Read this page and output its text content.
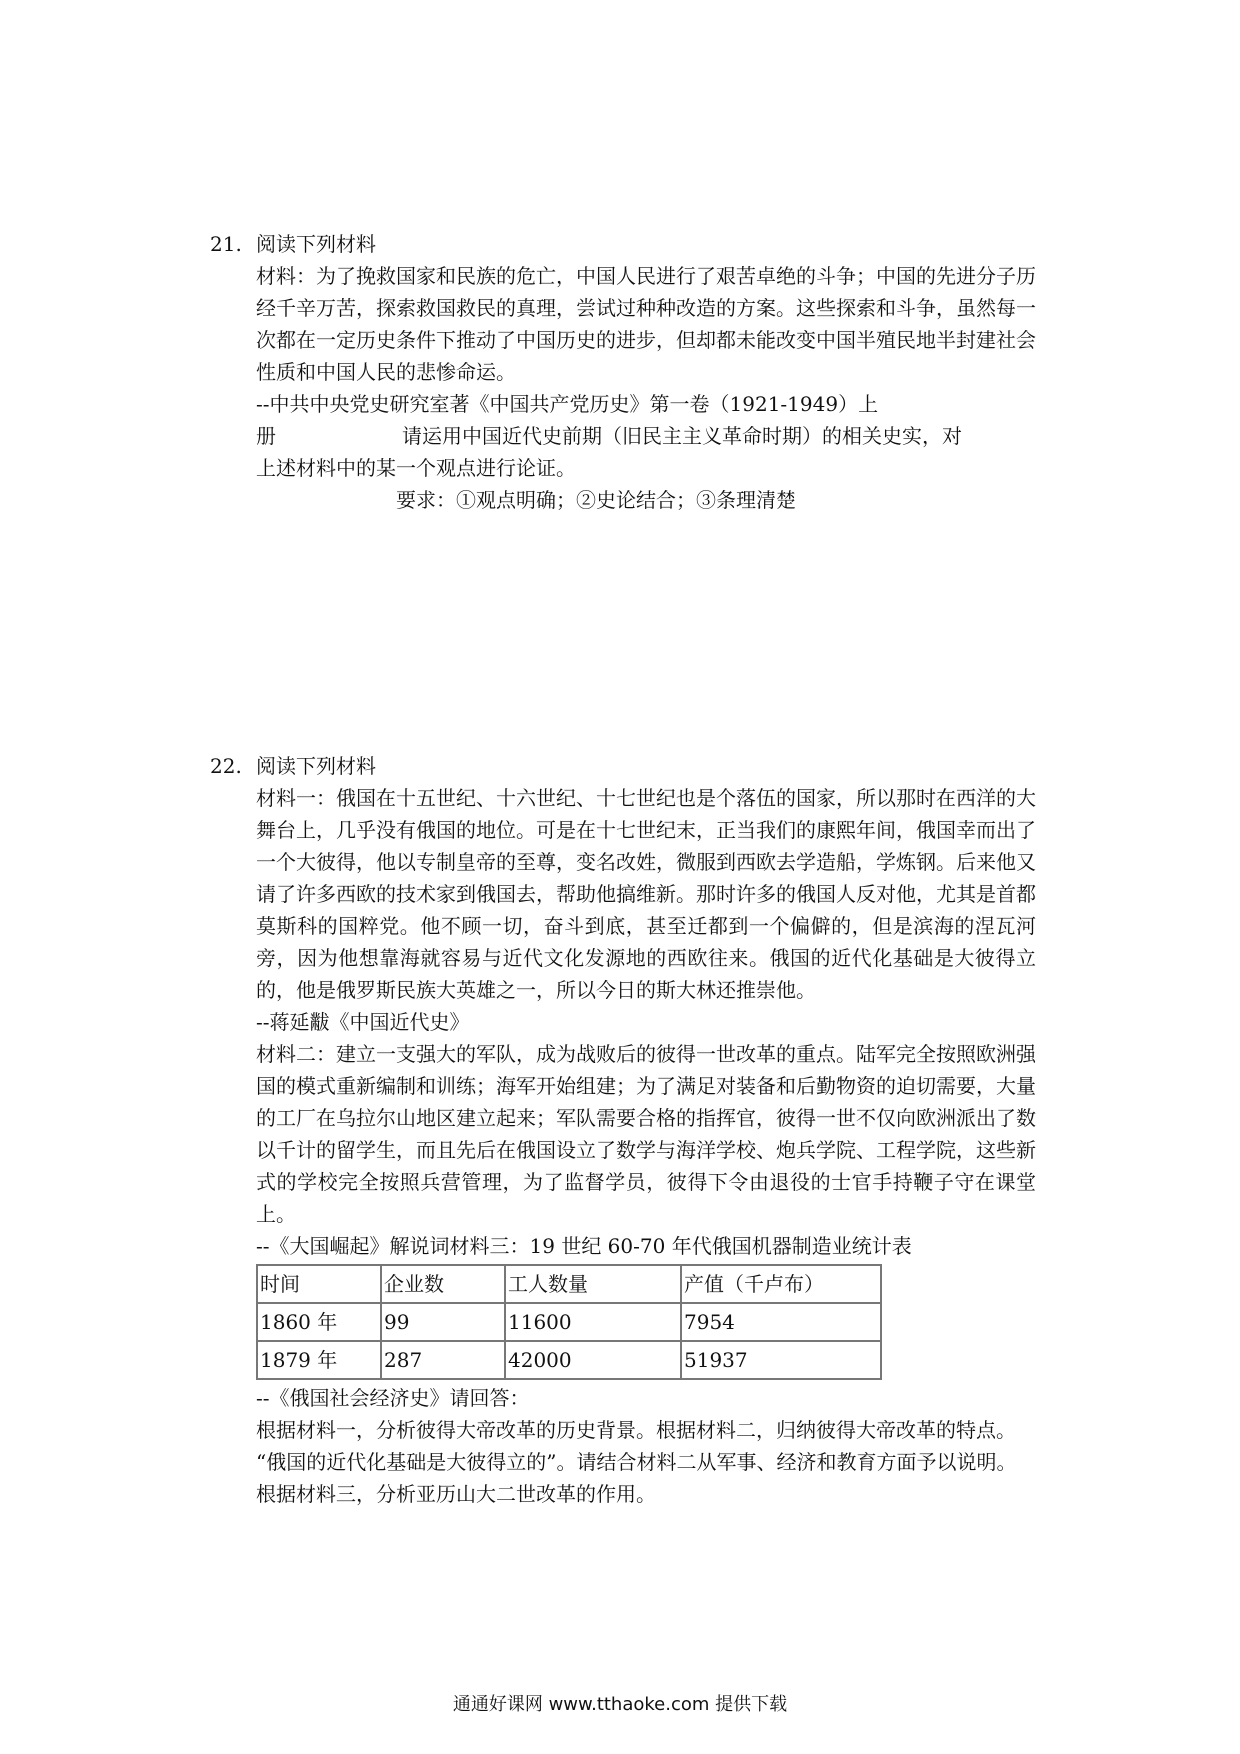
21. 阅读下列材料
材料：为了挽救国家和民族的危亡，中国人民进行了艰苦卓绝的斗争；中国的先进分子历经千辛万苦，探索救国救民的真理，尝试过种种改造的方案。这些探索和斗争，虽然每一次都在一定历史条件下推动了中国历史的进步，但却都未能改变中国半殖民地半封建社会性质和中国人民的悲惨命运。
--中共中央党史研究室著《中国共产党历史》第一卷（1921-1949）上
册	请运用中国近代史前期（旧民主主义革命时期）的相关史实，对
上述材料中的某一个观点进行论证。
要求：①观点明确；②史论结合；③条理清楚
22. 阅读下列材料
材料一：俄国在十五世纪、十六世纪、十七世纪也是个落伍的国家，所以那时在西洋的大舞台上，几乎没有俄国的地位。可是在十七世纪末，正当我们的康熙年间，俄国幸而出了一个大彼得，他以专制皇帝的至尊，变名改姓，微服到西欧去学造船，学炼钢。后来他又请了许多西欧的技术家到俄国去，帮助他搞维新。那时许多的俄国人反对他，尤其是首都莫斯科的国粹党。他不顾一切，奋斗到底，甚至迁都到一个偏僻的，但是滨海的涅瓦河旁，因为他想靠海就容易与近代文化发源地的西欧往来。俄国的近代化基础是大彼得立的，他是俄罗斯民族大英雄之一，所以今日的斯大林还推崇他。
--蒋延黻《中国近代史》
材料二：建立一支强大的军队，成为战败后的彼得一世改革的重点。陆军完全按照欧洲强国的模式重新编制和训练；海军开始组建；为了满足对装备和后勤物资的迫切需要，大量的工厂在乌拉尔山地区建立起来；军队需要合格的指挥官，彼得一世不仅向欧洲派出了数以千计的留学生，而且先后在俄国设立了数学与海洋学校、炮兵学院、工程学院，这些新式的学校完全按照兵营管理，为了监督学员，彼得下令由退役的士官手持鞭子守在课堂上。
--《大国崛起》解说词材料三：19 世纪 60-70 年代俄国机器制造业统计表
时间	企业数	工人数量	产值（千卢布）
1860 年	99	11600	7954
1879 年	287	42000	51937
--《俄国社会经济史》请回答：
根据材料一，分析彼得大帝改革的历史背景。根据材料二，归纳彼得大帝改革的特点。
“俄国的近代化基础是大彼得立的”。请结合材料二从军事、经济和教育方面予以说明。
根据材料三，分析亚历山大二世改革的作用。
通通好课网 www.tthaoke.com 提供下载
